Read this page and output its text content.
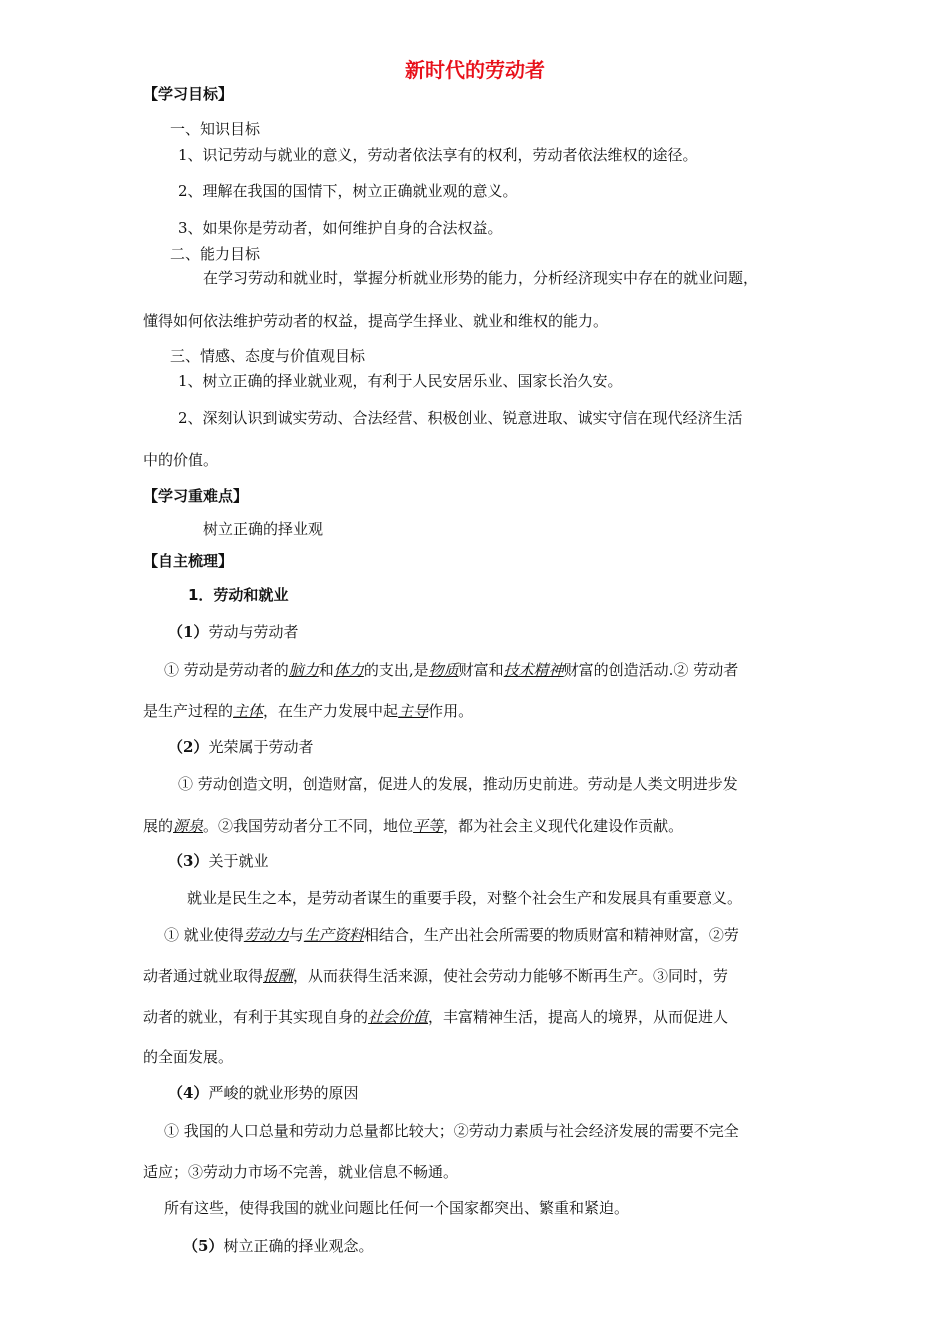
新时代的劳动者
【学习目标】
一、知识目标
1、识记劳动与就业的意义，劳动者依法享有的权利，劳动者依法维权的途径。
2、理解在我国的国情下，树立正确就业观的意义。
3、如果你是劳动者，如何维护自身的合法权益。
二、能力目标
在学习劳动和就业时，掌握分析就业形势的能力，分析经济现实中存在的就业问题，
懂得如何依法维护劳动者的权益，提高学生择业、就业和维权的能力。
三、情感、态度与价值观目标
1、树立正确的择业就业观，有利于人民安居乐业、国家长治久安。
2、深刻认识到诚实劳动、合法经营、积极创业、锐意进取、诚实守信在现代经济生活
中的价值。
【学习重难点】
树立正确的择业观
【自主梳理】
1．劳动和就业
（1）劳动与劳动者
① 劳动是劳动者的脑力和体力的支出,是物质财富和技术精神财富的创造活动.② 劳动者
是生产过程的主体，在生产力发展中起主导作用。
（2）光荣属于劳动者
① 劳动创造文明，创造财富，促进人的发展，推动历史前进。劳动是人类文明进步发
展的源泉。②我国劳动者分工不同，地位平等，都为社会主义现代化建设作贡献。
（3）关于就业
就业是民生之本，是劳动者谋生的重要手段，对整个社会生产和发展具有重要意义。
① 就业使得劳动力与生产资料相结合，生产出社会所需要的物质财富和精神财富，②劳
动者通过就业取得报酬，从而获得生活来源，使社会劳动力能够不断再生产。③同时，劳
动者的就业，有利于其实现自身的社会价值，丰富精神生活，提高人的境界，从而促进人
的全面发展。
（4）严峻的就业形势的原因
① 我国的人口总量和劳动力总量都比较大；②劳动力素质与社会经济发展的需要不完全
适应；③劳动力市场不完善，就业信息不畅通。
所有这些，使得我国的就业问题比任何一个国家都突出、繁重和紧迫。
（5）树立正确的择业观念。
